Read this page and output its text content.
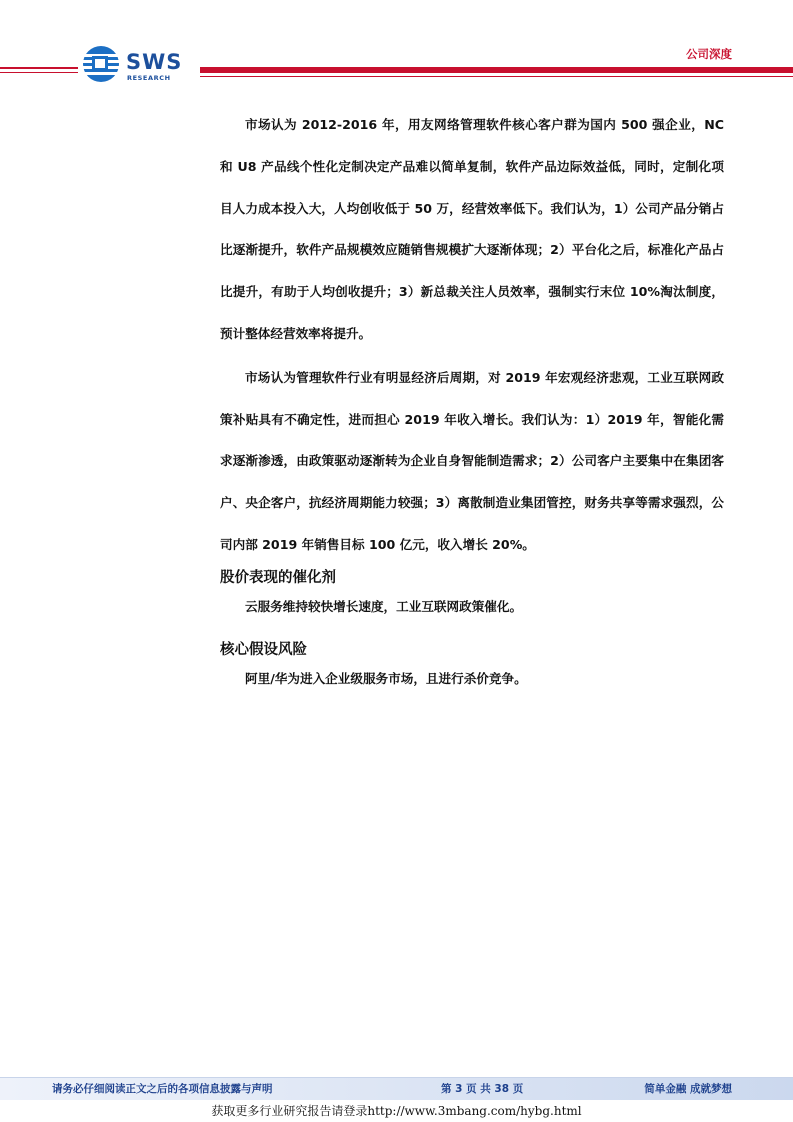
SWS
RESEARCH
公司深度

市场认为 2012-2016 年，用友网络管理软件核心客户群为国内 500 强企业，NC 和 U8 产品线个性化定制决定产品难以简单复制，软件产品边际效益低，同时，定制化项目人力成本投入大，人均创收低于 50 万，经营效率低下。我们认为，1）公司产品分销占比逐渐提升，软件产品规模效应随销售规模扩大逐渐体现；2）平台化之后，标准化产品占比提升，有助于人均创收提升；3）新总裁关注人员效率，强制实行末位 10%淘汰制度，预计整体经营效率将提升。

市场认为管理软件行业有明显经济后周期，对 2019 年宏观经济悲观，工业互联网政策补贴具有不确定性，进而担心 2019 年收入增长。我们认为：1）2019 年，智能化需求逐渐渗透，由政策驱动逐渐转为企业自身智能制造需求；2）公司客户主要集中在集团客户、央企客户，抗经济周期能力较强；3）离散制造业集团管控，财务共享等需求强烈，公司内部 2019 年销售目标 100 亿元，收入增长 20%。

股价表现的催化剂

云服务维持较快增长速度，工业互联网政策催化。

核心假设风险

阿里/华为进入企业级服务市场，且进行杀价竞争。

请务必仔细阅读正文之后的各项信息披露与声明	第 3 页 共 38 页	简单金融 成就梦想
获取更多行业研究报告请登录http://www.3mbang.com/hybg.html
